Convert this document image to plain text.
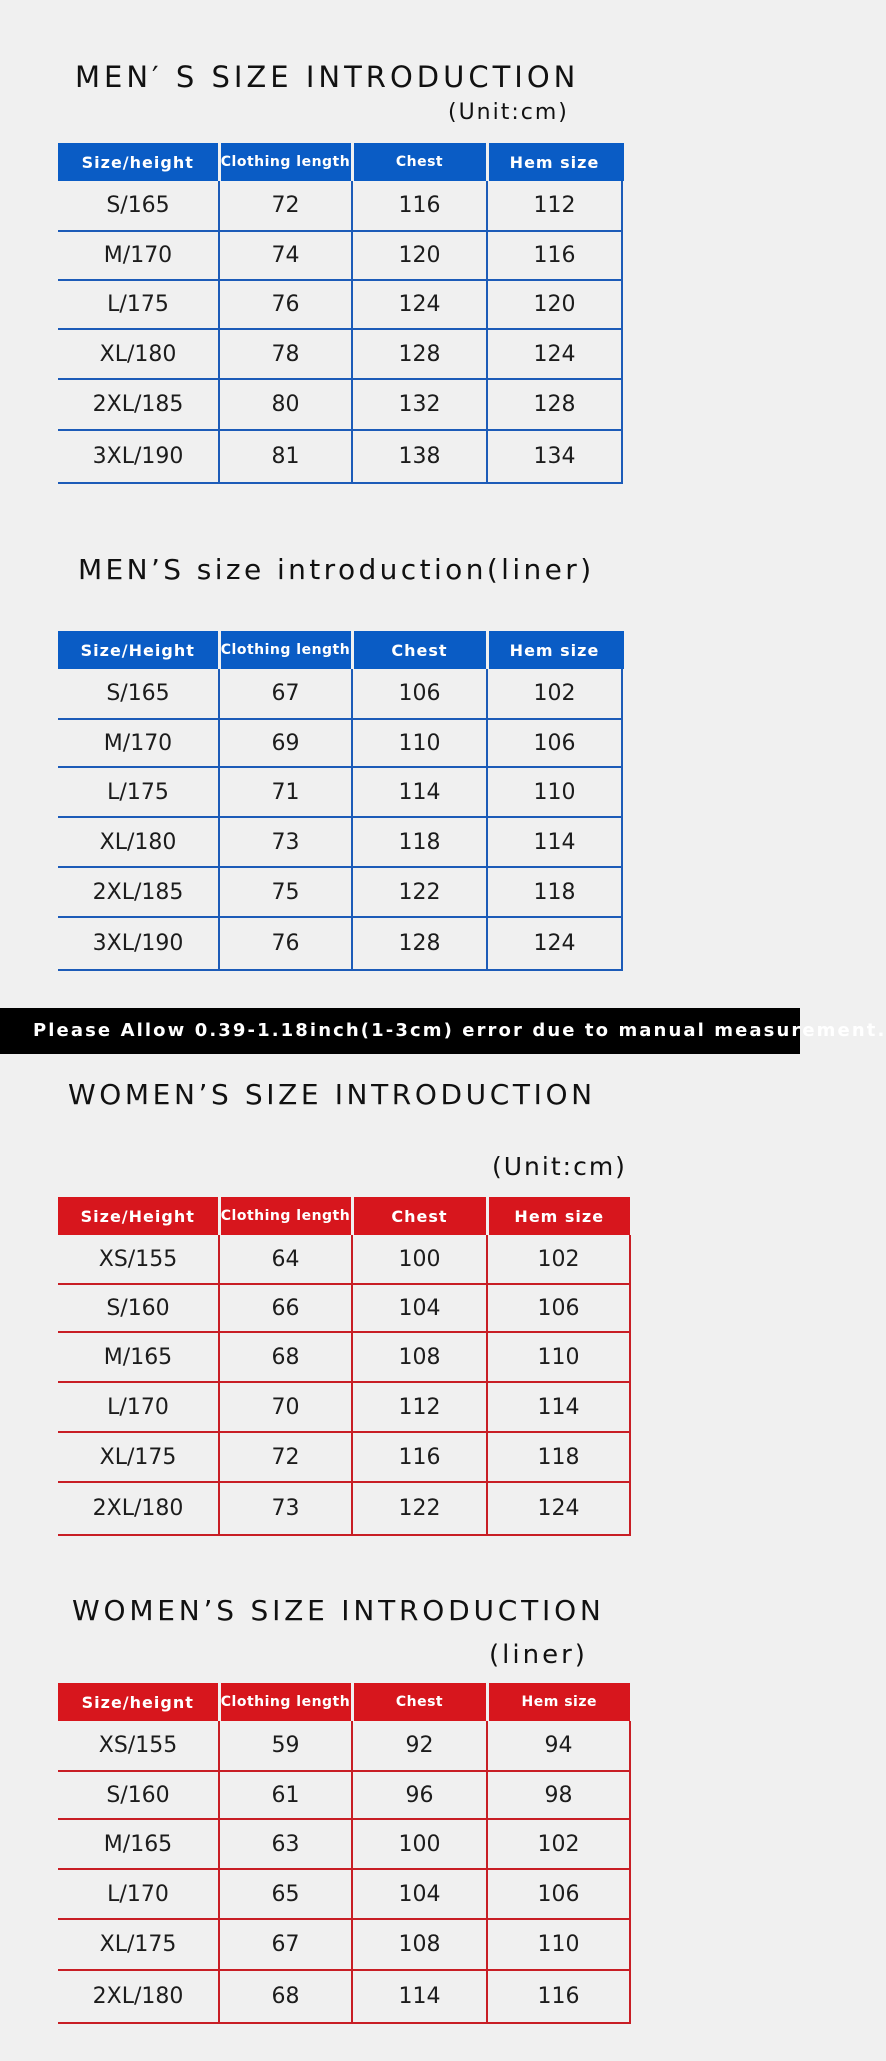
MEN′ S SIZE INTRODUCTION
(Unit:cm)
Size/height	Clothing length	Chest	Hem size
S/165	72	116	112
M/170	74	120	116
L/175	76	124	120
XL/180	78	128	124
2XL/185	80	132	128
3XL/190	81	138	134
MEN’S size introduction(liner)
Size/Height	Clothing length	Chest	Hem size
S/165	67	106	102
M/170	69	110	106
L/175	71	114	110
XL/180	73	118	114
2XL/185	75	122	118
3XL/190	76	128	124
Please Allow 0.39-1.18inch(1-3cm) error due to manual measurement.
WOMEN’S SIZE INTRODUCTION
(Unit:cm)
Size/Height	Clothing length	Chest	Hem size
XS/155	64	100	102
S/160	66	104	106
M/165	68	108	110
L/170	70	112	114
XL/175	72	116	118
2XL/180	73	122	124
WOMEN’S SIZE INTRODUCTION
(liner)
Size/heignt	Clothing length	Chest	Hem size
XS/155	59	92	94
S/160	61	96	98
M/165	63	100	102
L/170	65	104	106
XL/175	67	108	110
2XL/180	68	114	116
